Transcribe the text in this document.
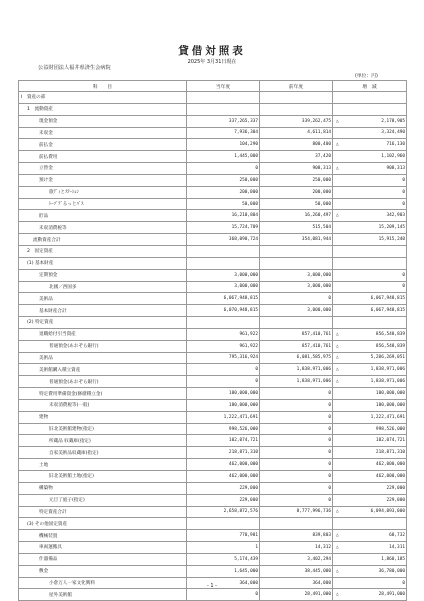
貸借対照表
2025年 3月31日現在
公益財団法人福井県済生会病院
(単位：円)
科　　目	当年度	前年度	増　減
Ⅰ　資産の部			

1　流動資産			

現金預金	337,265,337	339,262,475	△ 2,178,905
未収金	7,936,304	4,611,814	3,324,490
前払金	104,290	800,400	△ 716,130
前払費用	1,445,000	37,420	1,102,960
立替金	0	908,313	△ 908,313
預け金	250,000	250,000	0
旅ﾃﾞｨとｽﾃｰｼｮﾝ	200,000	200,000	0
ﾄｰｿﾞﾃﾞるっとﾊﾞｽ	50,000	50,000	0
貯品	16,210,804	16,260,497	△ 342,903
未収消費税等	15,724,709	515,504	15,209,145
流動資産合計	368,090,724	354,081,944	15,915,240
2　固定資産			

(1) 基本財産			

定期預金	3,000,000	3,000,000	0
北國／西国多	3,000,000	3,000,000	0
美術品	6,067,948,815	0	6,067,948,815
基本財産合計	6,070,948,815	3,000,000	6,067,948,815
(2) 特定資産			

退職給付引当資産	961,922	857,410,761	△ 856,548,839
普通預金(あおぞら銀行)	961,922	857,410,761	△ 856,548,839
美術品	795,316,924	6,081,585,975	△ 5,286,269,051
美術館購入積立資産	0	1,838,971,006	△ 1,838,971,006
普通預金(あおぞら銀行)	0	1,838,971,006	△ 1,838,971,006
特定費用準備資金(修繕積立金)	180,000,000	0	180,000,000
未収消費税等(一般)	180,000,000	0	180,000,000
建物	1,222,471,691	0	1,222,471,691
旧北美術館建物(指定)	998,526,000	0	998,526,000
所蔵品 収蔵庫(指定)	102,074,721	0	102,074,721
自家美術品収蔵庫(指定)	218,871,310	0	218,871,310
土地	462,000,000	0	462,000,000
旧北美術館土地(指定)	462,000,000	0	462,000,000
構築物	229,000	0	229,000
元旦了庭子(指定)	229,000	0	229,000
特定資産合計	2,658,872,576	8,777,996,736	△ 6,094,093,000
(3) その他固定資産			

機械装置	770,981	839,803	△ 68,732
車両運搬具	1	14,312	△ 14,311
什器備品	5,174,439	3,402,294	1,860,185
敷金	1,645,000	38,445,000	△ 36,780,000
小倉万人一家文化興料	364,000	364,000	0
屋外美術館	0	28,491,000	△ 28,491,000
- 1 -
